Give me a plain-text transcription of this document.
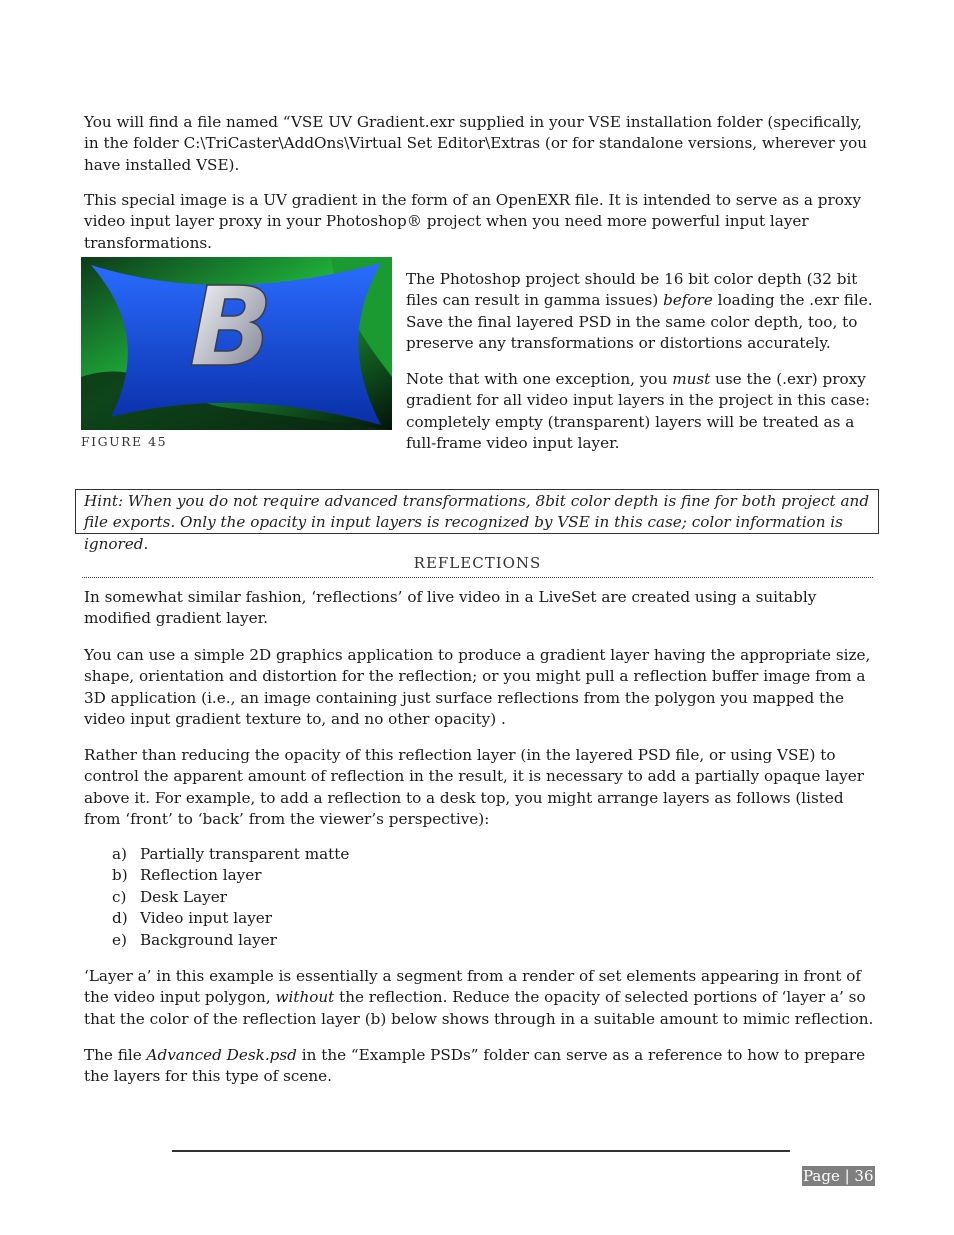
You will find a file named “VSE UV Gradient.exr supplied in your VSE installation folder (specifically, in the folder C:\TriCaster\AddOns\Virtual Set Editor\Extras (or for standalone versions, wherever you have installed VSE).

This special image is a UV gradient in the form of an OpenEXR file. It is intended to serve as a proxy video input layer proxy in your Photoshop® project when you need more powerful input layer transformations.

B
FIGURE 45

The Photoshop project should be 16 bit color depth (32 bit files can result in gamma issues) before loading the .exr file. Save the final layered PSD in the same color depth, too, to preserve any transformations or distortions accurately.

Note that with one exception, you must use the (.exr) proxy gradient for all video input layers in the project in this case: completely empty (transparent) layers will be treated as a full-frame video input layer.

Hint: When you do not require advanced transformations, 8bit color depth is fine for both project and file exports. Only the opacity in input layers is recognized by VSE in this case; color information is ignored.
REFLECTIONS

In somewhat similar fashion, ‘reflections’ of live video in a LiveSet are created using a suitably modified gradient layer.

You can use a simple 2D graphics application to produce a gradient layer having the appropriate size, shape, orientation and distortion for the reflection; or you might pull a reflection buffer image from a 3D application (i.e., an image containing just surface reflections from the polygon you mapped the video input gradient texture to, and no other opacity) .

Rather than reducing the opacity of this reflection layer (in the layered PSD file, or using VSE) to control the apparent amount of reflection in the result, it is necessary to add a partially opaque layer above it. For example, to add a reflection to a desk top, you might arrange layers as follows (listed from ‘front’ to ‘back’ from the viewer’s perspective):

a) Partially transparent matte
b) Reflection layer
c) Desk Layer
d) Video input layer
e) Background layer

‘Layer a’ in this example is essentially a segment from a render of set elements appearing in front of the video input polygon, without the reflection. Reduce the opacity of selected portions of ‘layer a’ so that the color of the reflection layer (b) below shows through in a suitable amount to mimic reflection.

The file Advanced Desk.psd in the “Example PSDs” folder can serve as a reference to how to prepare the layers for this type of scene.

Page | 36
